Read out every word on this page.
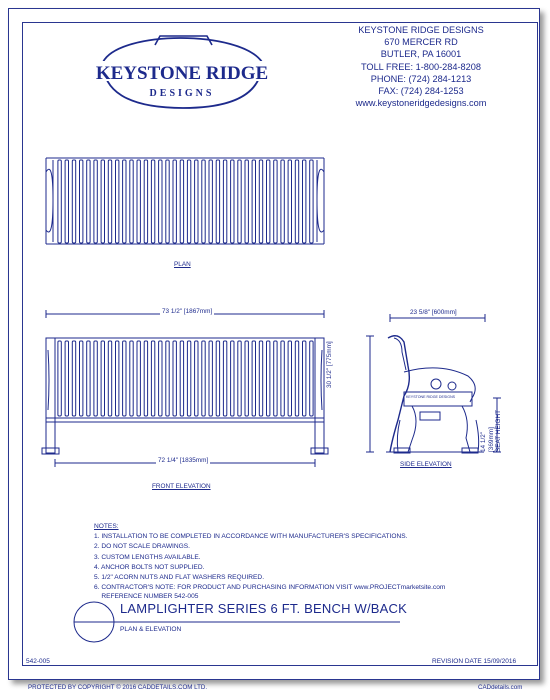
KEYSTONE RIDGE DESIGNS
KEYSTONE RIDGE
DESIGNS
KEYSTONE RIDGE DESIGNS
670 MERCER RD
BUTLER, PA 16001
TOLL FREE: 1-800-284-8208
PHONE: (724) 284-1213
FAX: (724) 284-1253
www.keystoneridgedesigns.com
PLAN
73 1/2" [1867mm]
72 1/4" [1835mm]
FRONT ELEVATION
23 5/8" [600mm]
30 1/2" [775mm]
14 1/2" [369mm] SEAT HEIGHT
SIDE ELEVATION
NOTES:
1. INSTALLATION TO BE COMPLETED IN ACCORDANCE WITH MANUFACTURER'S SPECIFICATIONS.
2. DO NOT SCALE DRAWINGS.
3. CUSTOM LENGTHS AVAILABLE.
4. ANCHOR BOLTS NOT SUPPLIED.
5. 1/2" ACORN NUTS AND FLAT WASHERS REQUIRED.
6. CONTRACTOR'S NOTE: FOR PRODUCT AND PURCHASING INFORMATION VISIT www.PROJECTmarketsite.com
REFERENCE NUMBER 542-005
LAMPLIGHTER SERIES 6 FT. BENCH W/BACK
PLAN & ELEVATION
542-005	REVISION DATE 15/09/2016
PROTECTED BY COPYRIGHT © 2016 CADDETAILS.COM LTD.	CADdetails.com
